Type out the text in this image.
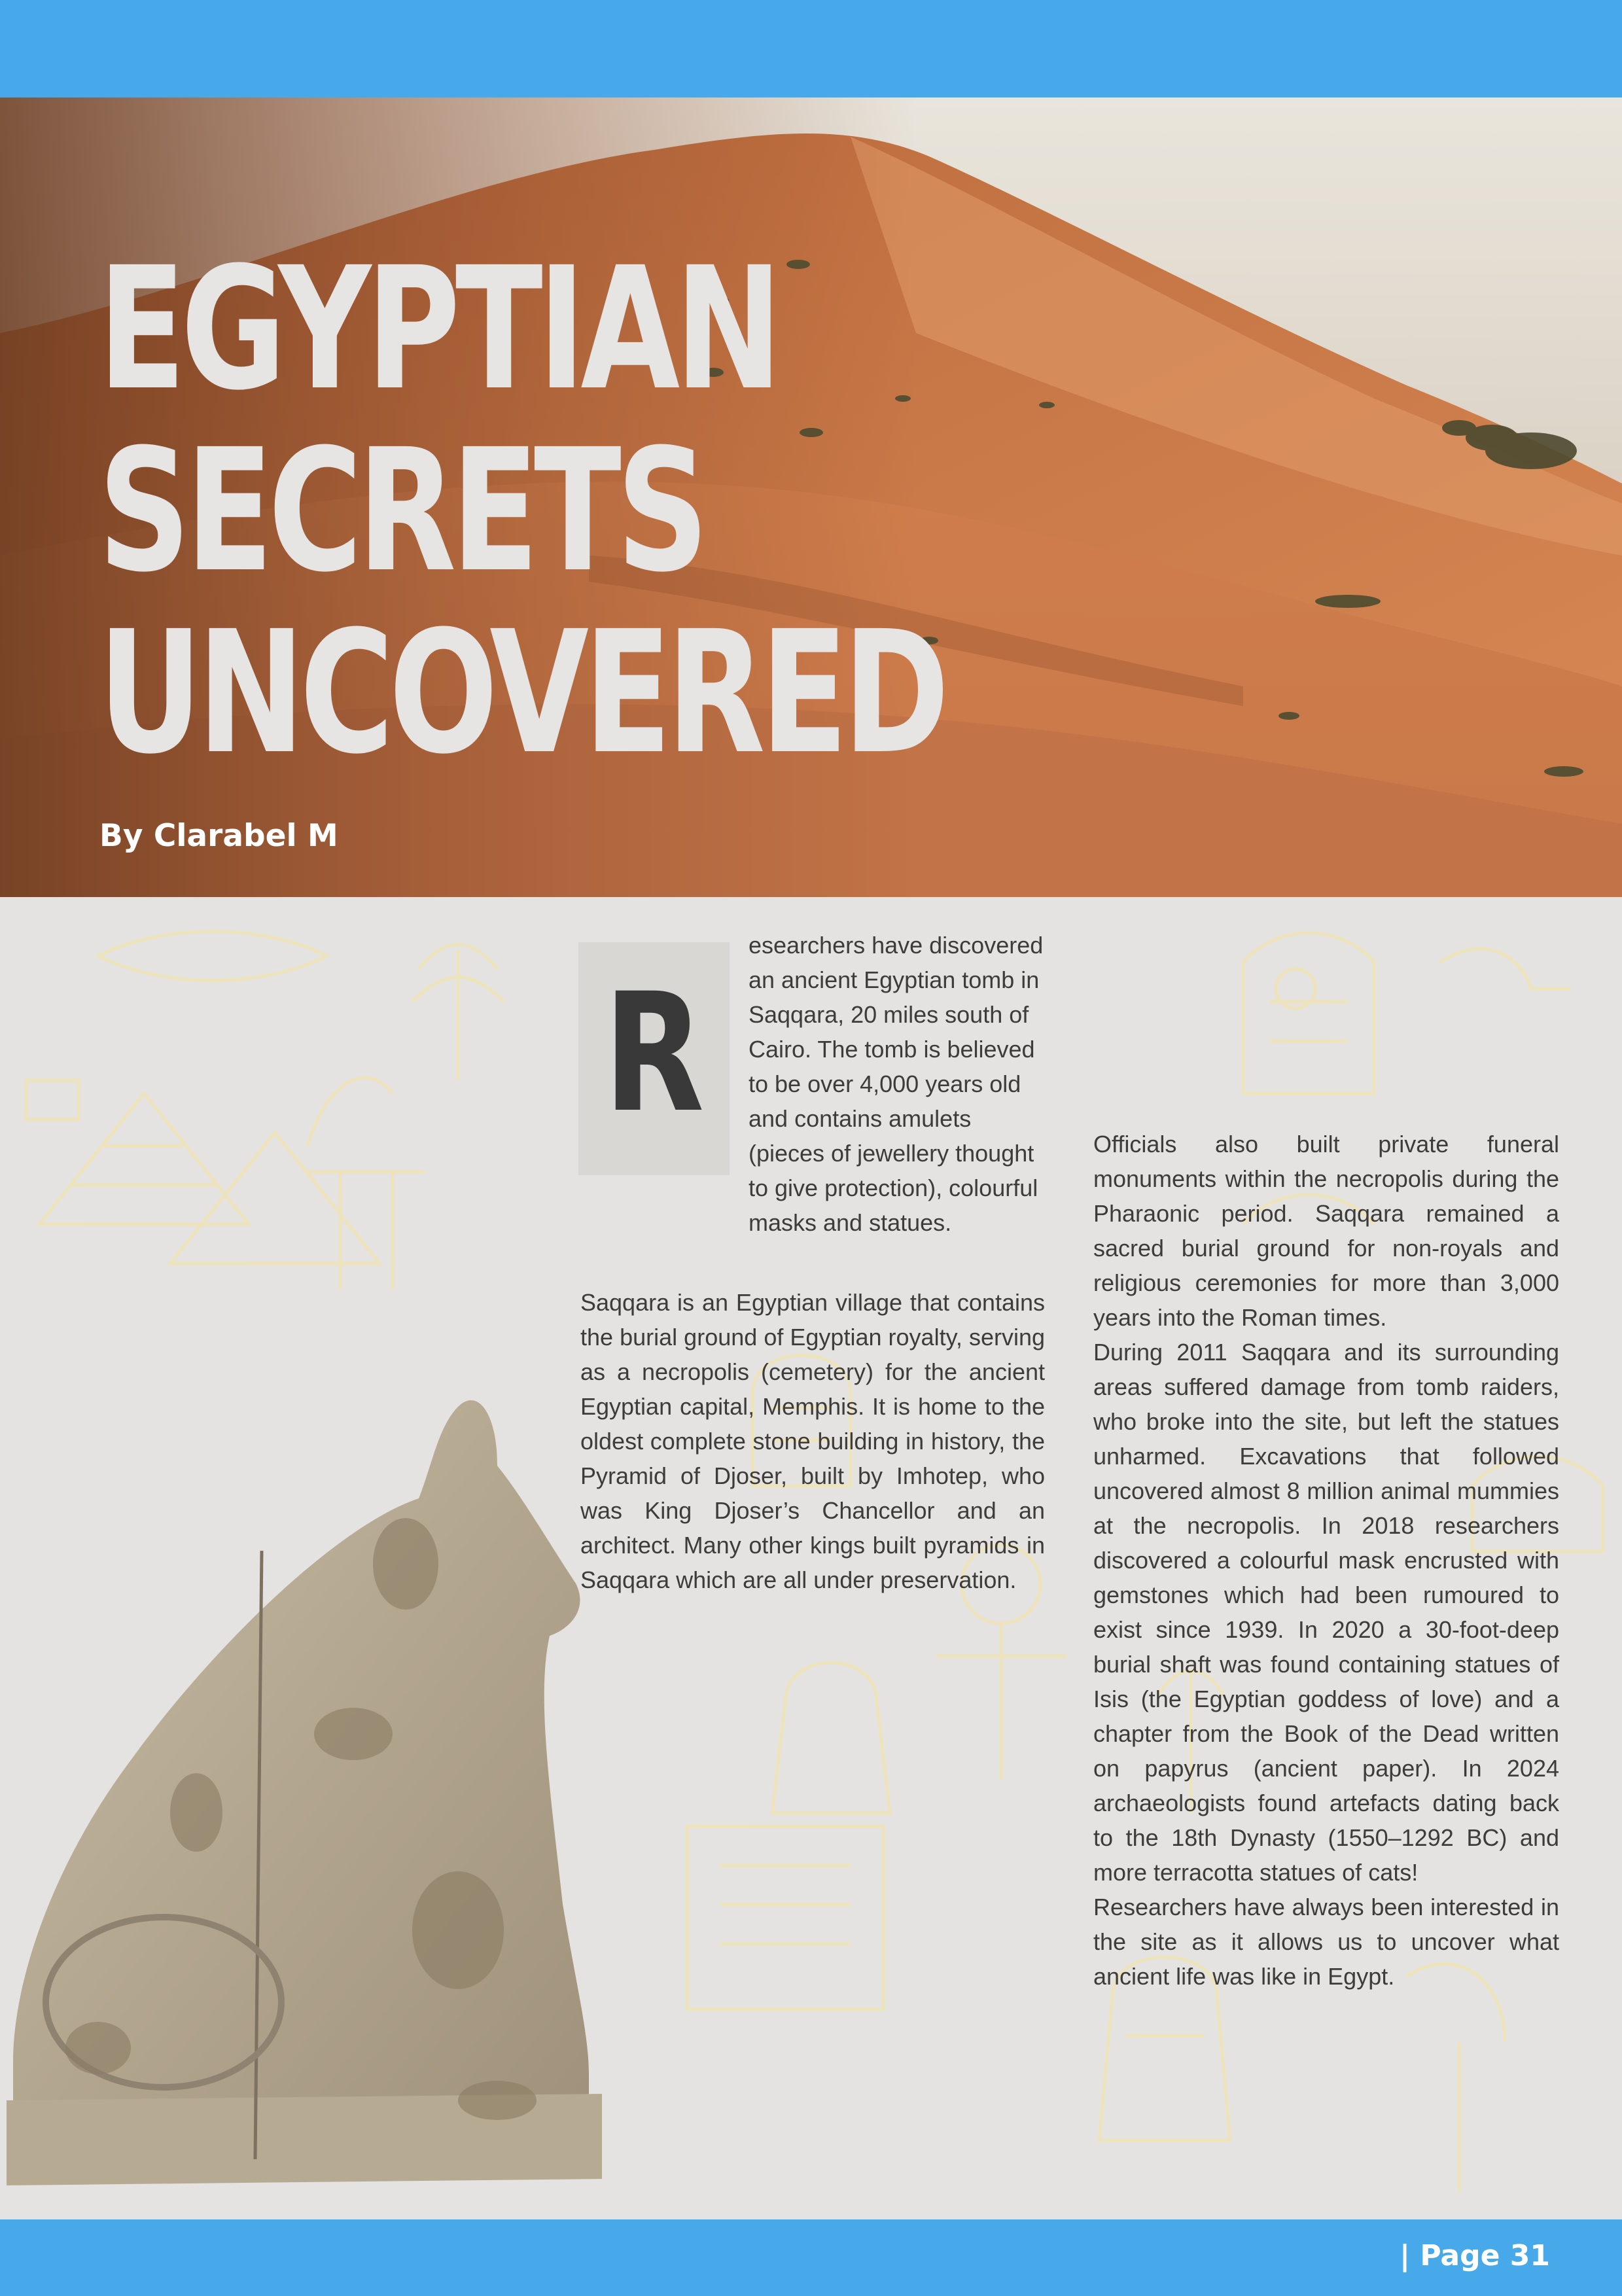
EGYPTIAN
SECRETS
UNCOVERED
By Clarabel M
R

esearchers have discovered an ancient Egyptian tomb in Saqqara, 20 miles south of Cairo. The tomb is believed to be over 4,000 years old and contains amulets (pieces of jewellery thought to give protection), colourful masks and statues.

Saqqara is an Egyptian village that contains the burial ground of Egyptian royalty, serving as a necropolis (cemetery) for the ancient Egyptian capital, Memphis. It is home to the oldest complete stone building in history, the Pyramid of Djoser, built by Imhotep, who was King Djoser’s Chancellor and an architect. Many other kings built pyramids in Saqqara which are all under preservation.

Officials also built private funeral monuments within the necropolis during the Pharaonic period. Saqqara remained a sacred burial ground for non-royals and religious ceremonies for more than 3,000 years into the Roman times.

During 2011 Saqqara and its surrounding areas suffered damage from tomb raiders, who broke into the site, but left the statues unharmed. Excavations that followed uncovered almost 8 million animal mummies at the necropolis. In 2018 researchers discovered a colourful mask encrusted with gemstones which had been rumoured to exist since 1939. In 2020 a 30-foot-deep burial shaft was found containing statues of Isis (the Egyptian goddess of love) and a chapter from the Book of the Dead written on papyrus (ancient paper). In 2024 archaeologists found artefacts dating back to the 18th Dynasty (1550–1292 BC) and more terracotta statues of cats!

Researchers have always been interested in the site as it allows us to uncover what ancient life was like in Egypt.

| Page 31
